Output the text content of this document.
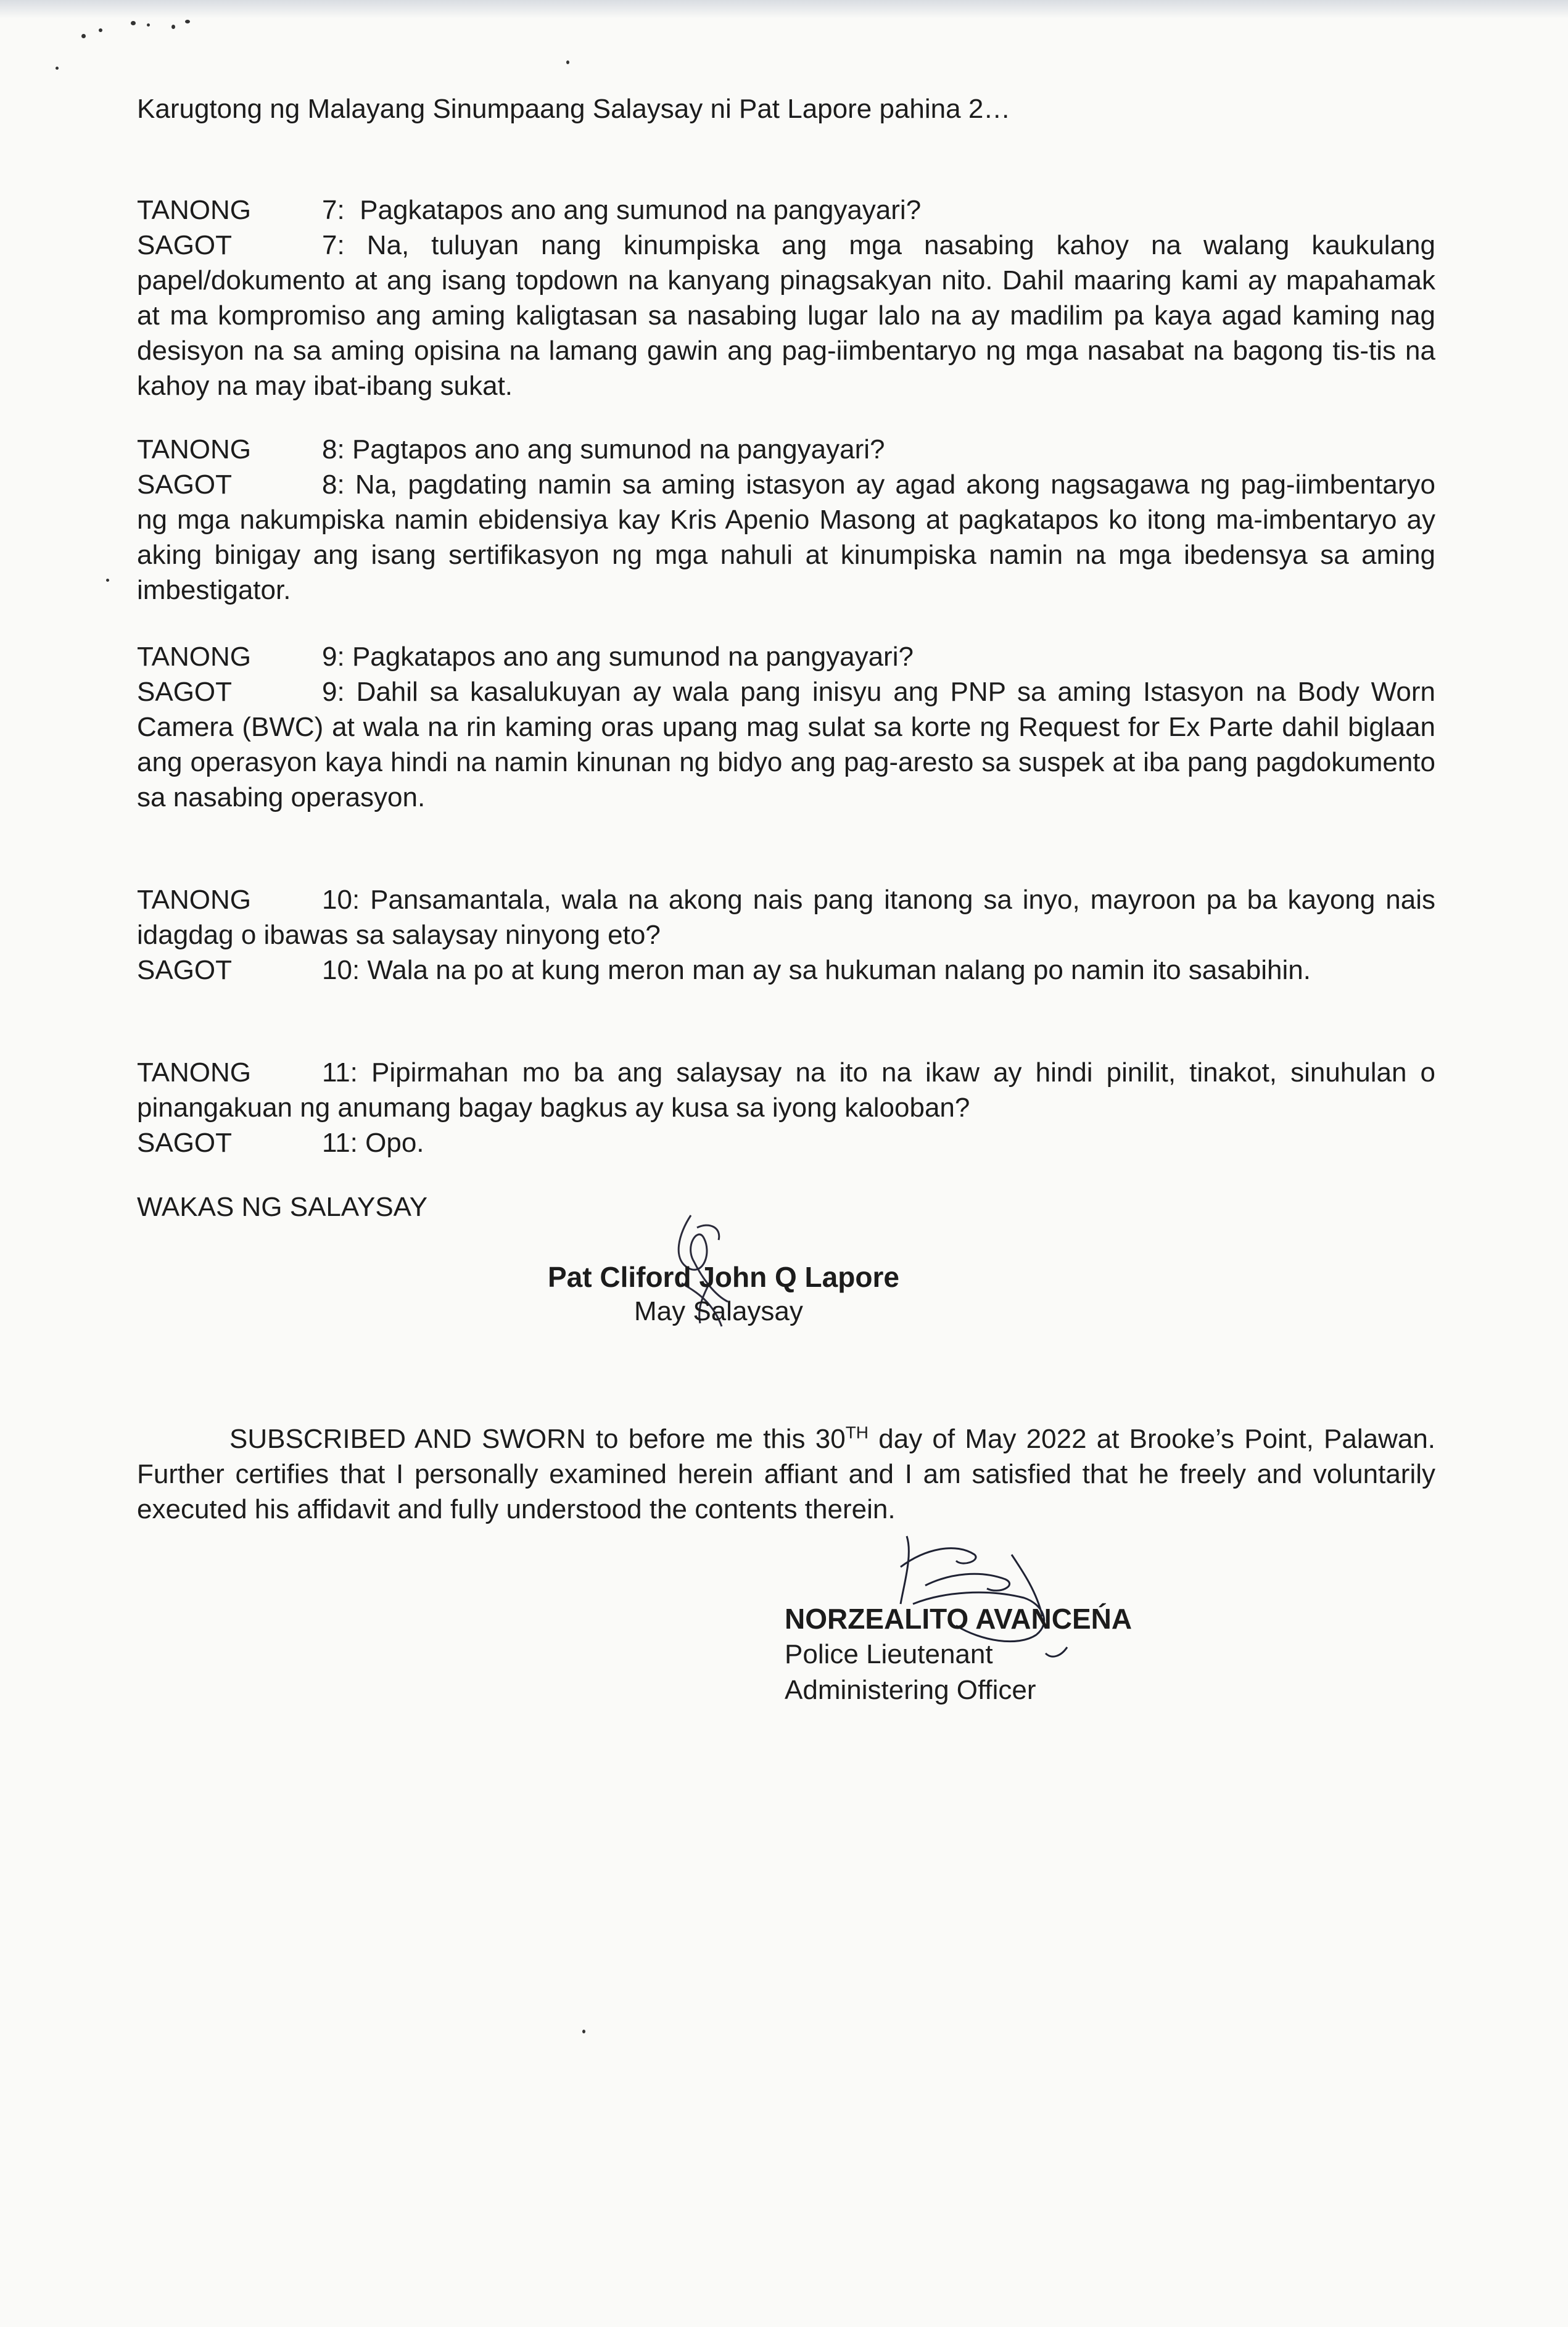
Karugtong ng Malayang Sinumpaang Salaysay ni Pat Lapore pahina 2…

TANONG	7: Pagkatapos ano ang sumunod na pangyayari?

SAGOT	7: Na, tuluyan nang kinumpiska ang mga nasabing kahoy na walang kaukulang papel/dokumento at ang isang topdown na kanyang pinagsakyan nito. Dahil maaring kami ay mapahamak at ma kompromiso ang aming kaligtasan sa nasabing lugar lalo na ay madilim pa kaya agad kaming nag desisyon na sa aming opisina na lamang gawin ang pag-iimbentaryo ng mga nasabat na bagong tis-tis na kahoy na may ibat-ibang sukat.

TANONG	8: Pagtapos ano ang sumunod na pangyayari?

SAGOT	8: Na, pagdating namin sa aming istasyon ay agad akong nagsagawa ng pag-iimbentaryo ng mga nakumpiska namin ebidensiya kay Kris Apenio Masong at pagkatapos ko itong ma-imbentaryo ay aking binigay ang isang sertifikasyon ng mga nahuli at kinumpiska namin na mga ibedensya sa aming imbestigator.

TANONG	9: Pagkatapos ano ang sumunod na pangyayari?

SAGOT	9: Dahil sa kasalukuyan ay wala pang inisyu ang PNP sa aming Istasyon na Body Worn Camera (BWC) at wala na rin kaming oras upang mag sulat sa korte ng Request for Ex Parte dahil biglaan ang operasyon kaya hindi na namin kinunan ng bidyo ang pag-aresto sa suspek at iba pang pagdokumento sa nasabing operasyon.

TANONG	10: Pansamantala, wala na akong nais pang itanong sa inyo, mayroon pa ba kayong nais idagdag o ibawas sa salaysay ninyong eto?

SAGOT	10: Wala na po at kung meron man ay sa hukuman nalang po namin ito sasabihin.

TANONG	11: Pipirmahan mo ba ang salaysay na ito na ikaw ay hindi pinilit, tinakot, sinuhulan o pinangakuan ng anumang bagay bagkus ay kusa sa iyong kalooban?

SAGOT	11: Opo.

WAKAS NG SALAYSAY
Pat Cliford John Q Lapore
May Salaysay

SUBSCRIBED AND SWORN to before me this 30TH day of May 2022 at Brooke’s Point, Palawan. Further certifies that I personally examined herein affiant and I am satisfied that he freely and voluntarily executed his affidavit and fully understood the contents therein.

NORZEALITO AVANCEŃA
Police Lieutenant
Administering Officer
